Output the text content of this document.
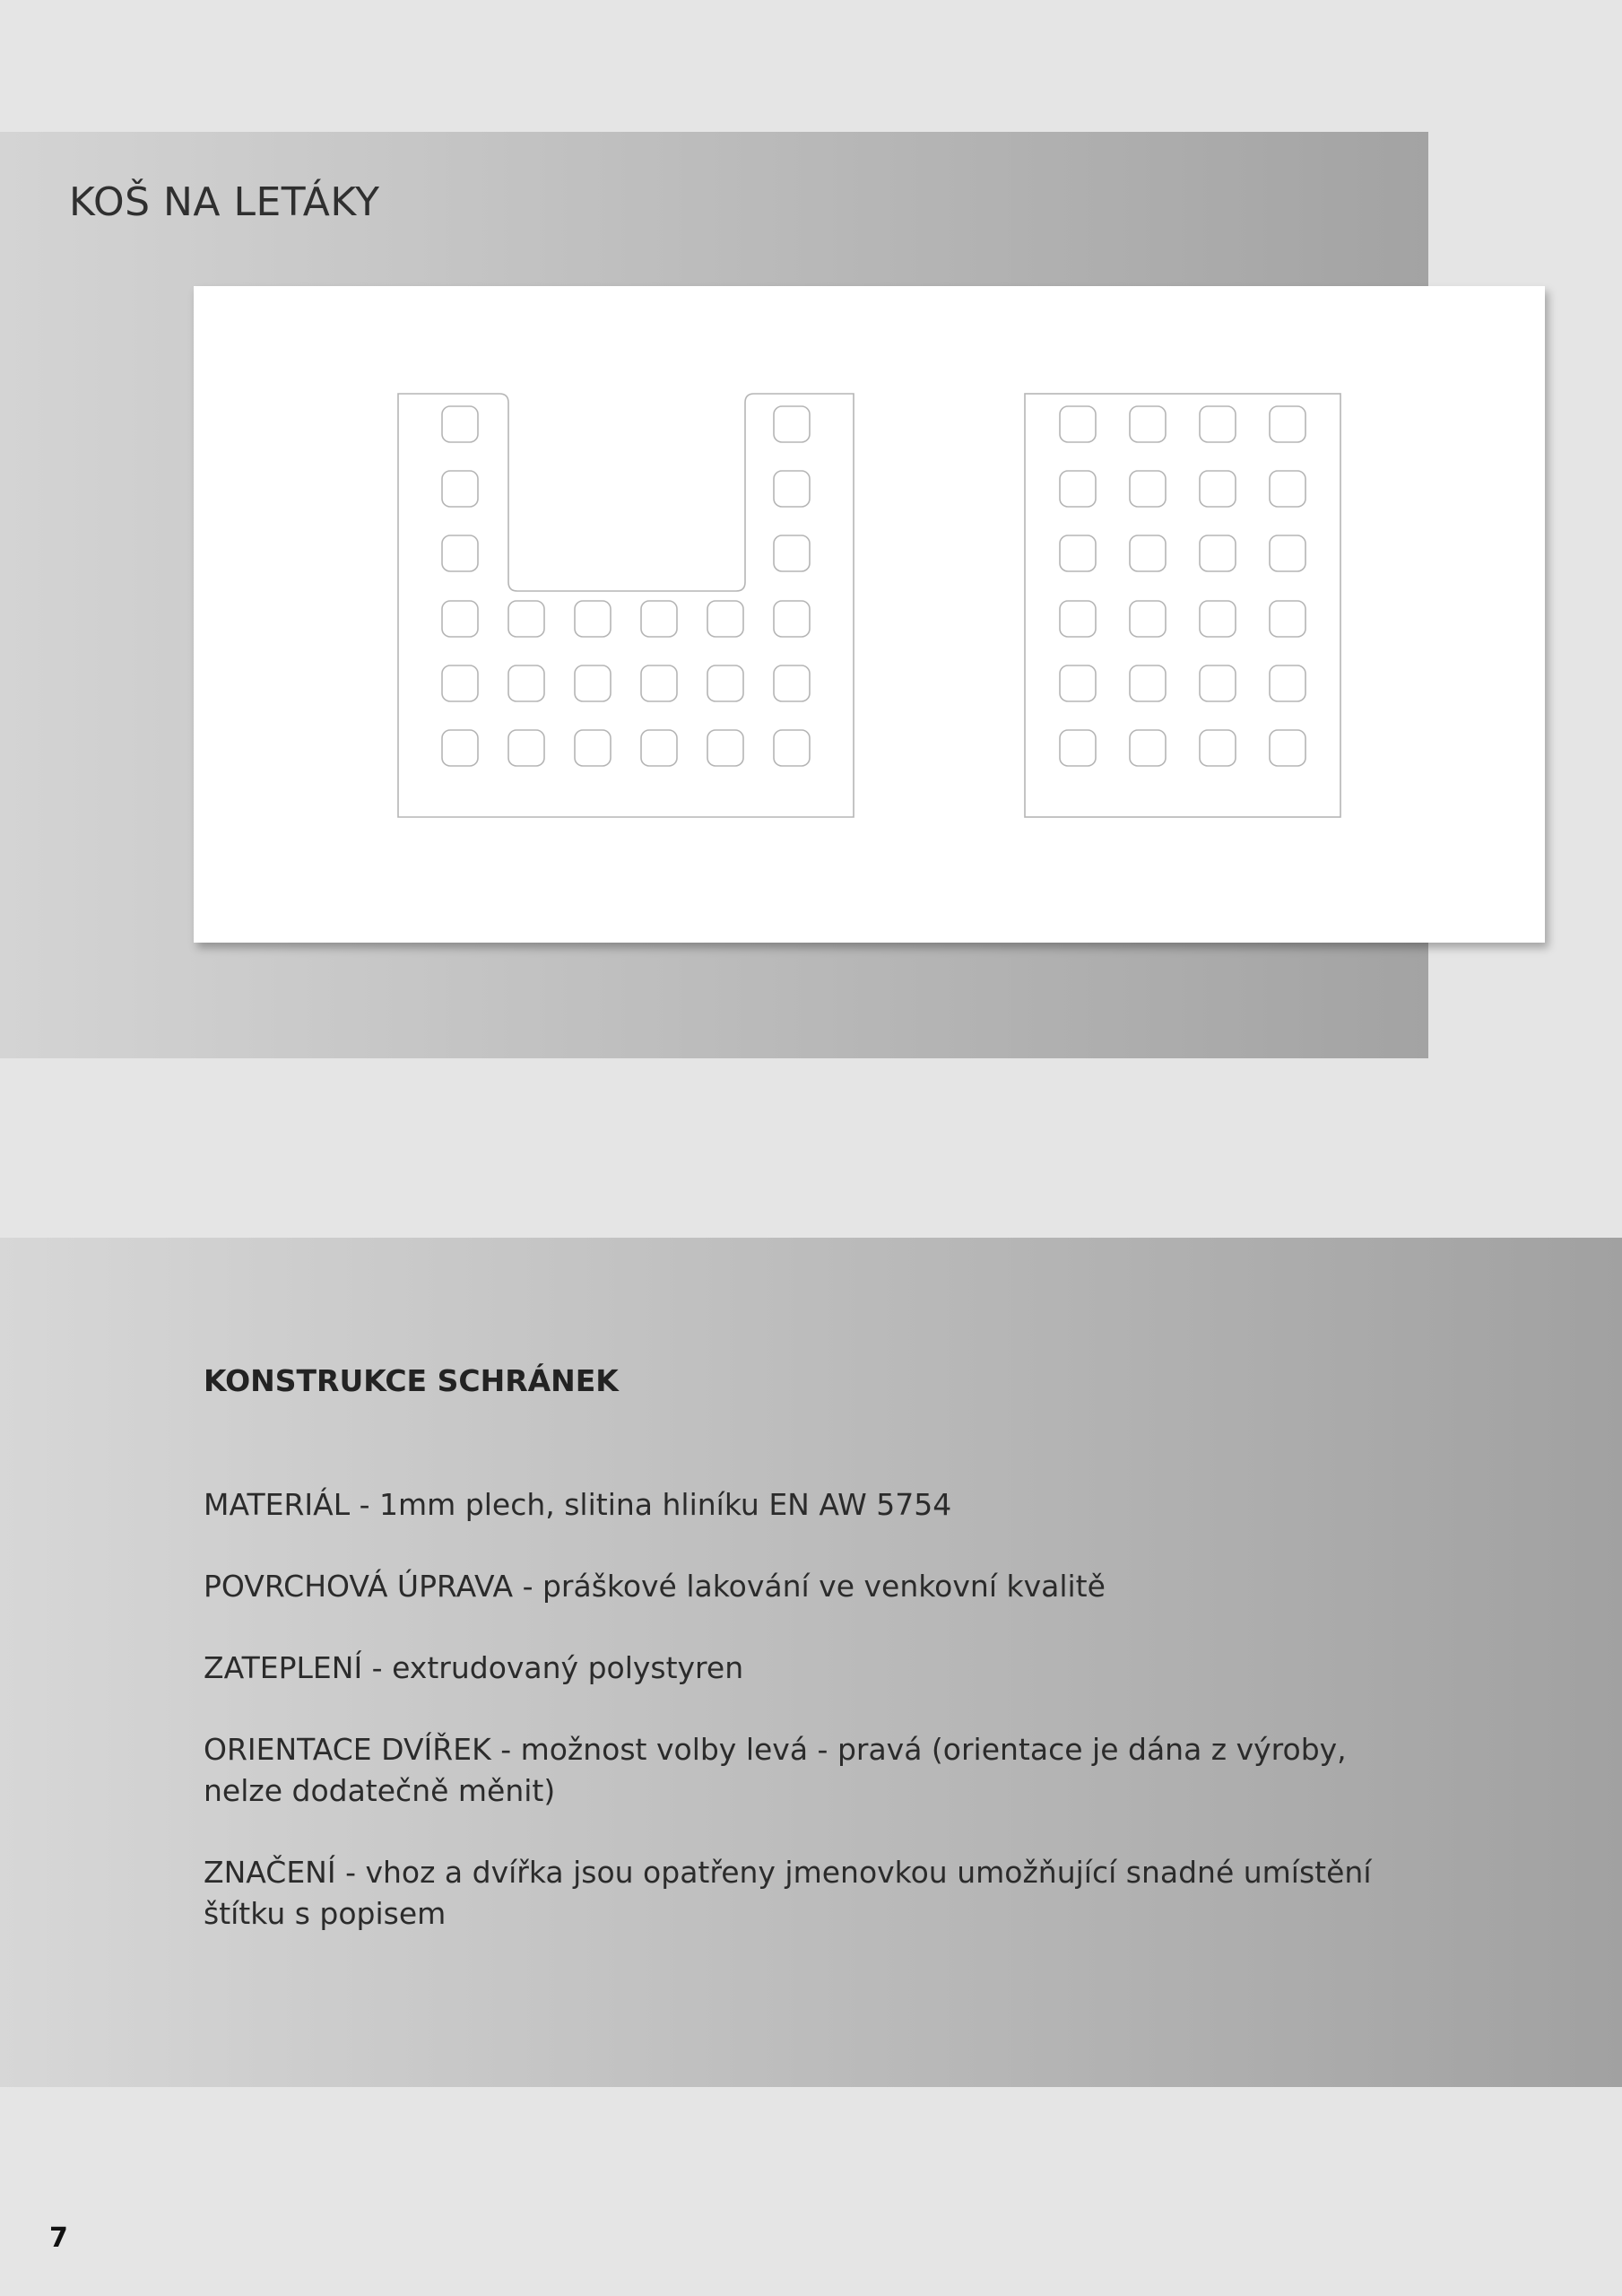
KOŠ NA LETÁKY
KONSTRUKCE SCHRÁNEK
MATERIÁL - 1mm plech, slitina hliníku EN AW 5754
POVRCHOVÁ ÚPRAVA - práškové lakování ve venkovní kvalitě
ZATEPLENÍ - extrudovaný polystyren
ORIENTACE DVÍŘEK - možnost volby levá - pravá (orientace je dána z výroby, nelze dodatečně měnit)
ZNAČENÍ - vhoz a dvířka jsou opatřeny jmenovkou umožňující snadné umístění štítku s popisem
7
